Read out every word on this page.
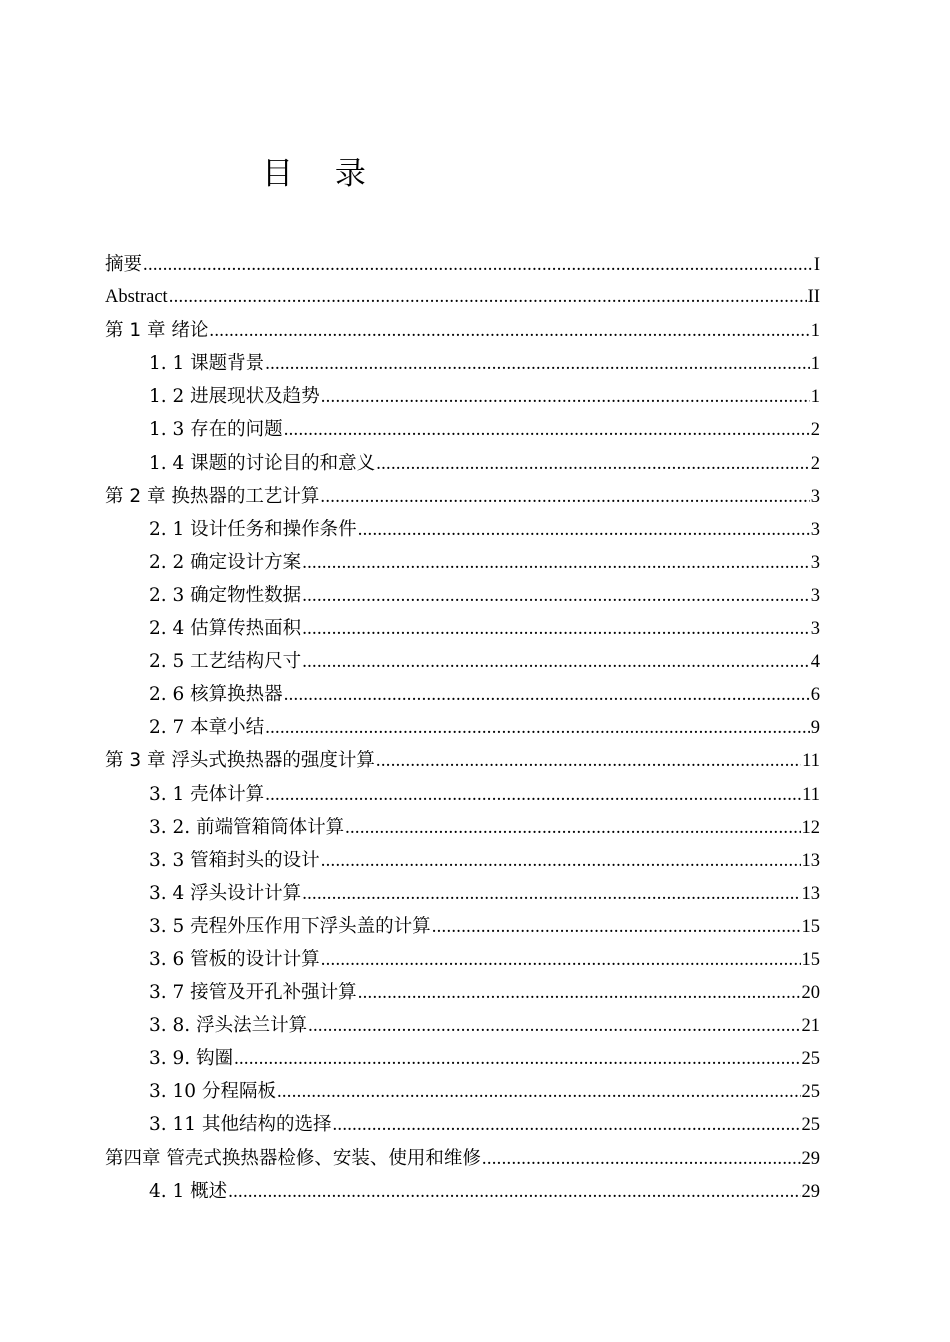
目 录
摘要 .....	I
Abstract .....	II
第 1 章 绪论 .....	1
1. 1 课题背景 .....	1
1. 2 进展现状及趋势 .....	1
1. 3 存在的问题 .....	2
1. 4 课题的讨论目的和意义 .....	2
第 2 章 换热器的工艺计算 .....	3
2. 1 设计任务和操作条件 .....	3
2. 2 确定设计方案 .....	3
2. 3 确定物性数据 .....	3
2. 4 估算传热面积 .....	3
2. 5 工艺结构尺寸 .....	4
2. 6 核算换热器 .....	6
2. 7 本章小结 .....	9
第 3 章 浮头式换热器的强度计算 .....	11
3. 1 壳体计算 .....	11
3. 2. 前端管箱筒体计算 .....	12
3. 3 管箱封头的设计 .....	13
3. 4 浮头设计计算 .....	13
3. 5 壳程外压作用下浮头盖的计算 .....	15
3. 6 管板的设计计算 .....	15
3. 7 接管及开孔补强计算 .....	20
3. 8. 浮头法兰计算 .....	21
3. 9. 钩圈 .....	25
3. 10 分程隔板 .....	25
3. 11 其他结构的选择 .....	25
第四章 管壳式换热器检修、安装、使用和维修 .....	29
4. 1 概述 .....	29
